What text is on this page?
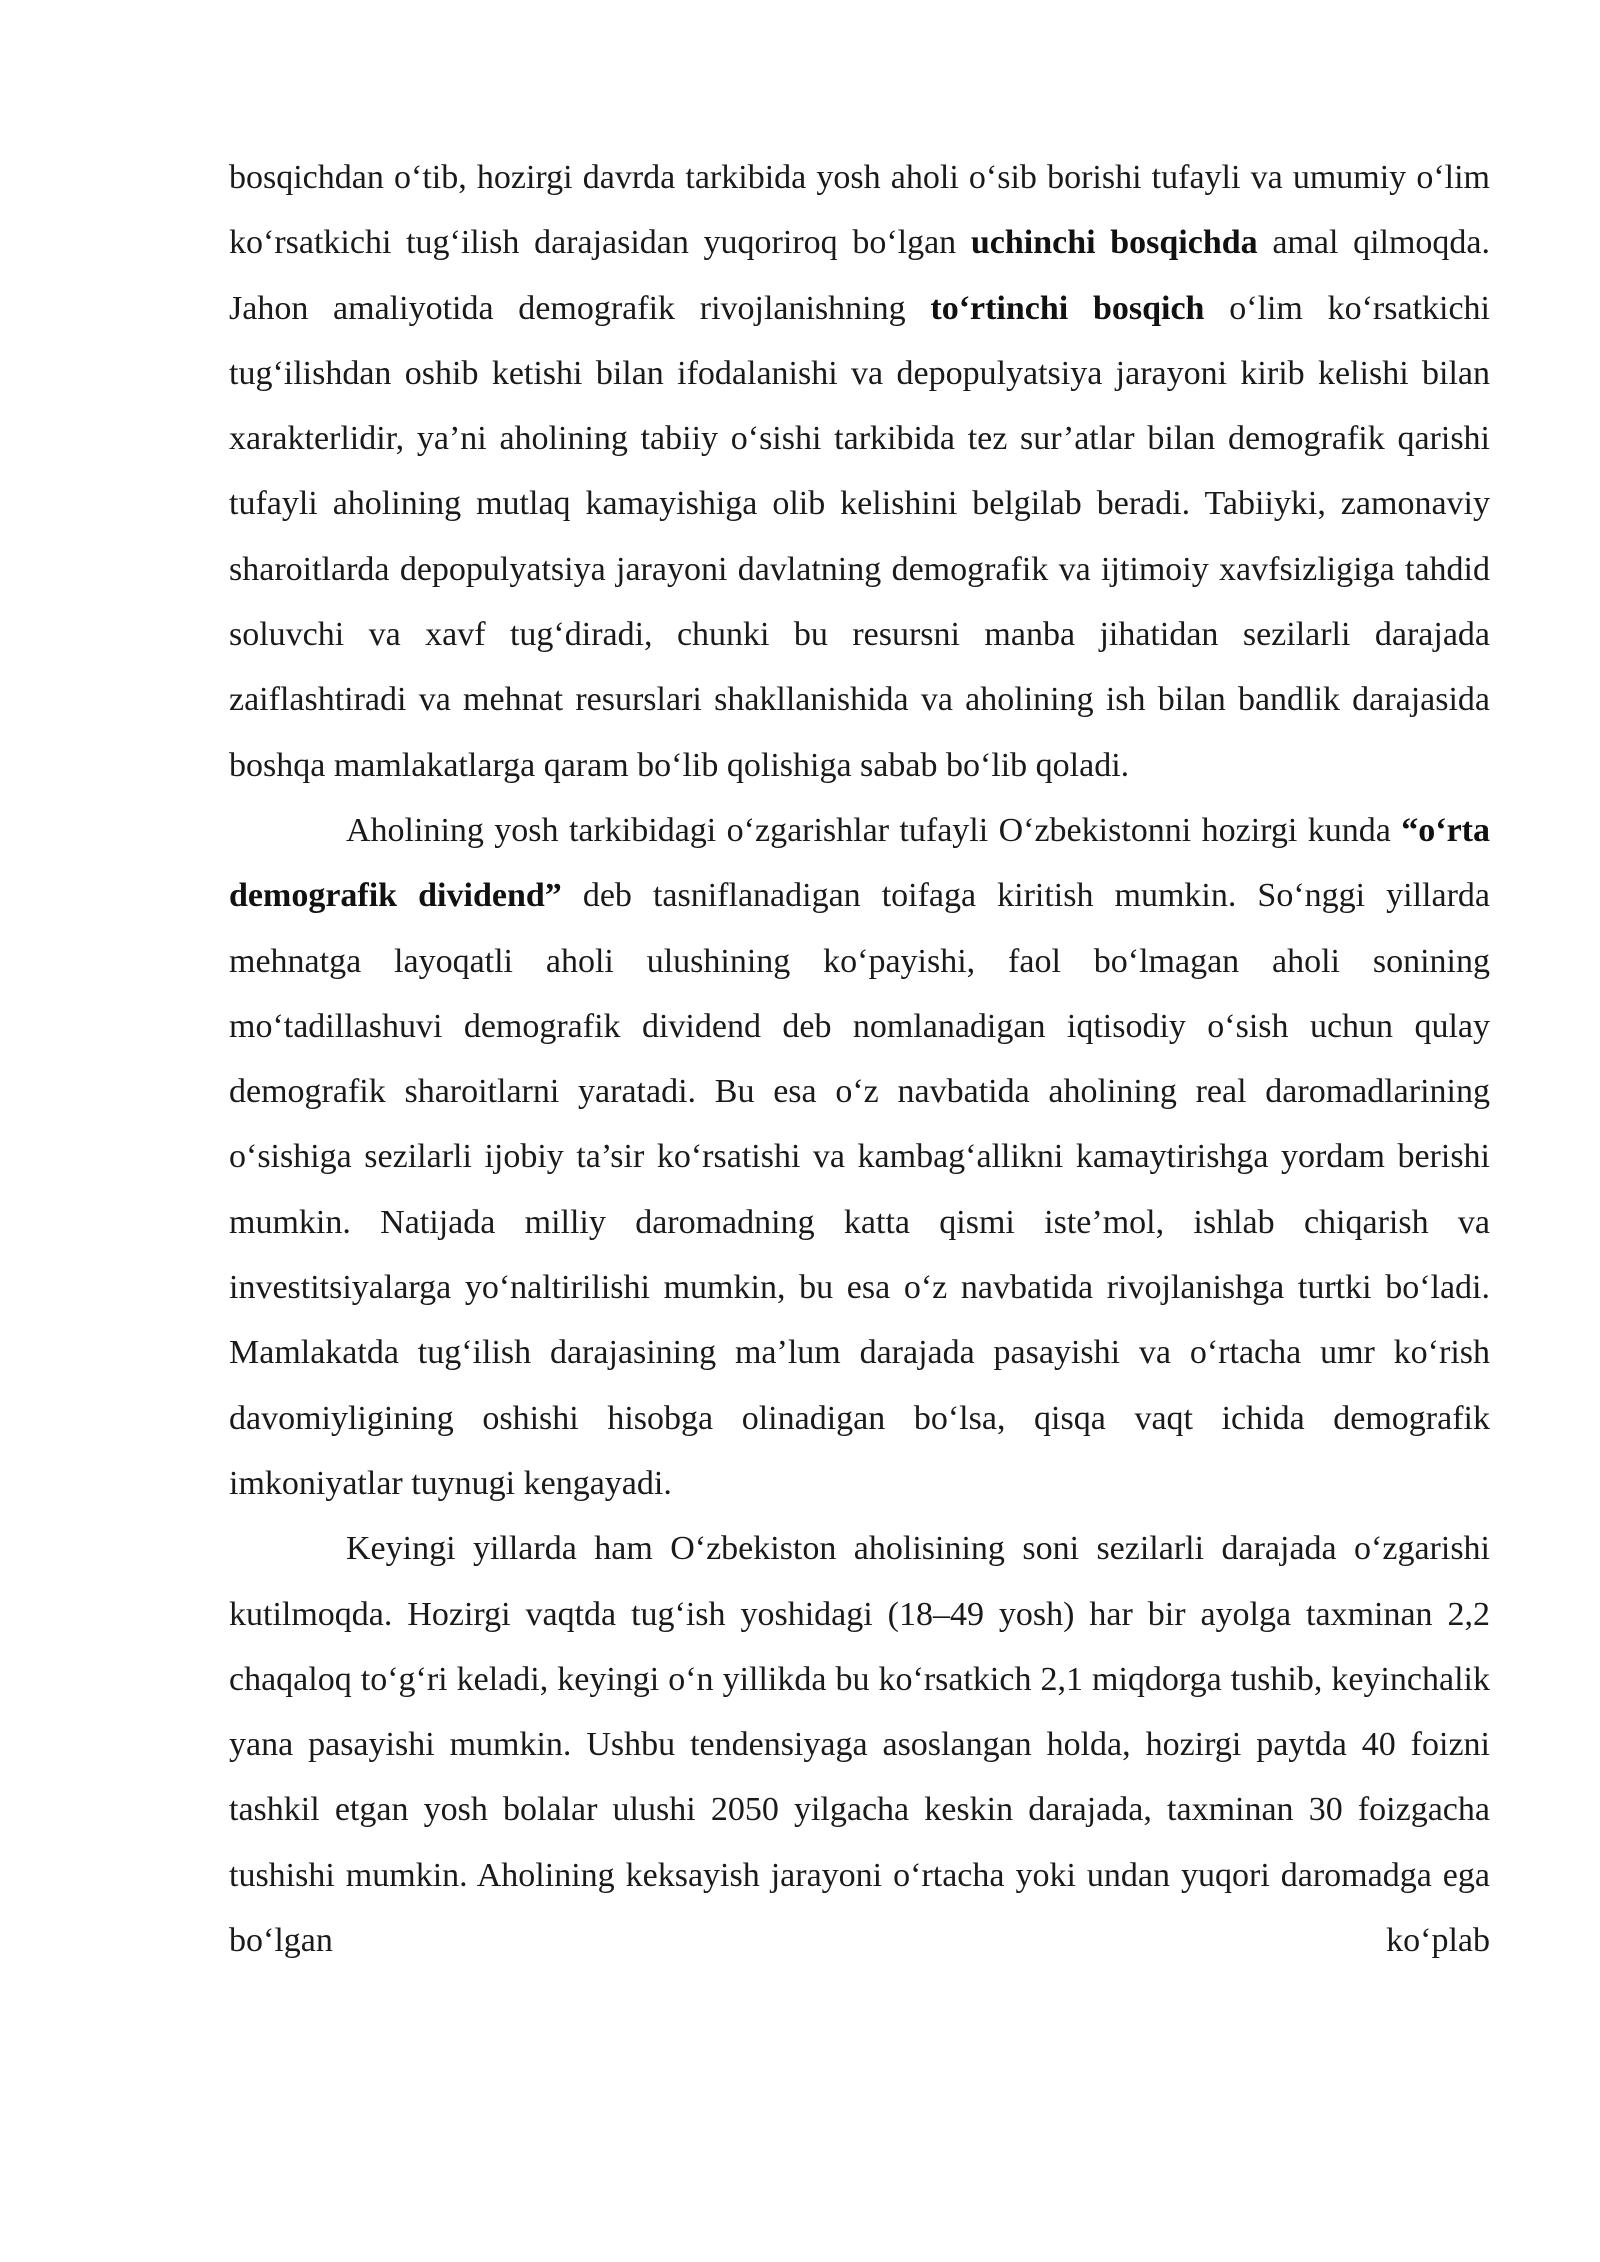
bosqichdan o‘tib, hozirgi davrda tarkibida yosh aholi o‘sib borishi tufayli va umumiy o‘lim ko‘rsatkichi tug‘ilish darajasidan yuqoriroq bo‘lgan uchinchi bosqichda amal qilmoqda. Jahon amaliyotida demografik rivojlanishning to‘rtinchi bosqich o‘lim ko‘rsatkichi tug‘ilishdan oshib ketishi bilan ifodalanishi va depopulyatsiya jarayoni kirib kelishi bilan xarakterlidir, ya’ni aholining tabiiy o‘sishi tarkibida tez sur’atlar bilan demografik qarishi tufayli aholining mutlaq kamayishiga olib kelishini belgilab beradi. Tabiiyki, zamonaviy sharoitlarda depopulyatsiya jarayoni davlatning demografik va ijtimoiy xavfsizligiga tahdid soluvchi va xavf tug‘diradi, chunki bu resursni manba jihatidan sezilarli darajada zaiflashtiradi va mehnat resurslari shakllanishida va aholining ish bilan bandlik darajasida boshqa mamlakatlarga qaram bo‘lib qolishiga sabab bo‘lib qoladi.

Aholining yosh tarkibidagi o‘zgarishlar tufayli O‘zbekistonni hozirgi kunda “o‘rta demografik dividend” deb tasniflanadigan toifaga kiritish mumkin. So‘nggi yillarda mehnatga layoqatli aholi ulushining ko‘payishi, faol bo‘lmagan aholi sonining mo‘tadillashuvi demografik dividend deb nomlanadigan iqtisodiy o‘sish uchun qulay demografik sharoitlarni yaratadi. Bu esa o‘z navbatida aholining real daromadlarining o‘sishiga sezilarli ijobiy ta’sir ko‘rsatishi va kambag‘allikni kamaytirishga yordam berishi mumkin. Natijada milliy daromadning katta qismi iste’mol, ishlab chiqarish va investitsiyalarga yo‘naltirilishi mumkin, bu esa o‘z navbatida rivojlanishga turtki bo‘ladi. Mamlakatda tug‘ilish darajasining ma’lum darajada pasayishi va o‘rtacha umr ko‘rish davomiyligining oshishi hisobga olinadigan bo‘lsa, qisqa vaqt ichida demografik imkoniyatlar tuynugi kengayadi.

Keyingi yillarda ham O‘zbekiston aholisining soni sezilarli darajada o‘zgarishi kutilmoqda. Hozirgi vaqtda tug‘ish yoshidagi (18–49 yosh) har bir ayolga taxminan 2,2 chaqaloq to‘g‘ri keladi, keyingi o‘n yillikda bu ko‘rsatkich 2,1 miqdorga tushib, keyinchalik yana pasayishi mumkin. Ushbu tendensiyaga asoslangan holda, hozirgi paytda 40 foizni tashkil etgan yosh bolalar ulushi 2050 yilgacha keskin darajada, taxminan 30 foizgacha tushishi mumkin. Aholining keksayish jarayoni o‘rtacha yoki undan yuqori daromadga ega bo‘lgan ko‘plab
